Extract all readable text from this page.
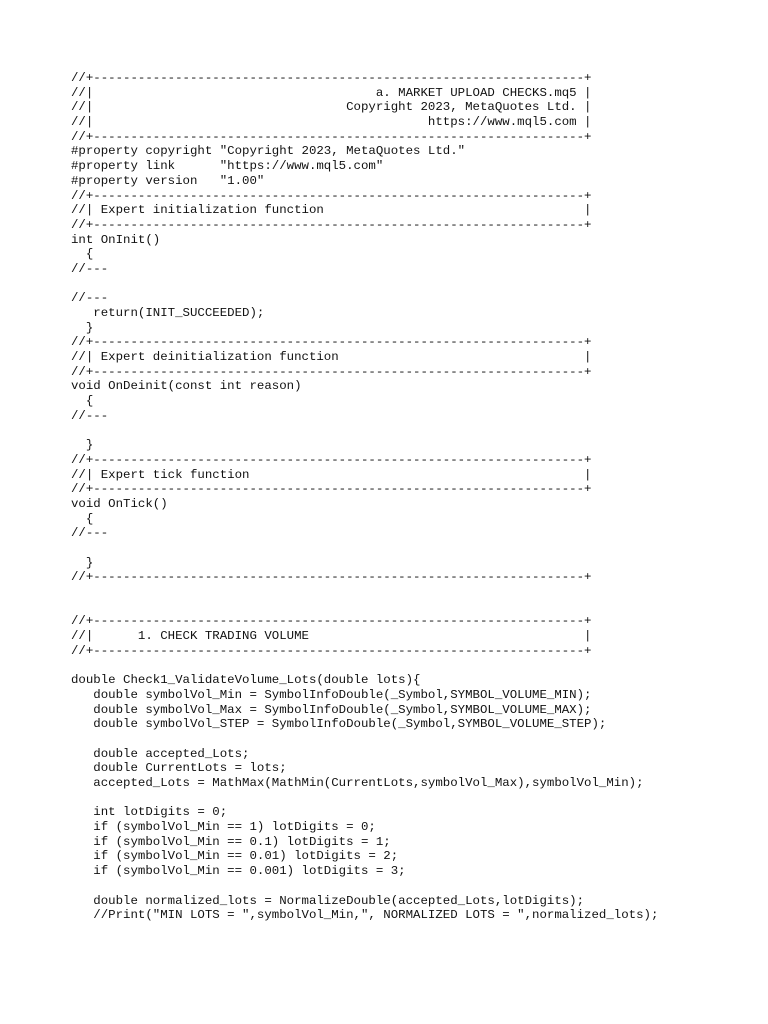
//+------------------------------------------------------------------+
//|                                      a. MARKET UPLOAD CHECKS.mq5 |
//|                                  Copyright 2023, MetaQuotes Ltd. |
//|                                             https://www.mql5.com |
//+------------------------------------------------------------------+
#property copyright "Copyright 2023, MetaQuotes Ltd."
#property link      "https://www.mql5.com"
#property version   "1.00"
//+------------------------------------------------------------------+
//| Expert initialization function                                   |
//+------------------------------------------------------------------+
int OnInit()
{
//---
//---
return(INIT_SUCCEEDED);
}
//+------------------------------------------------------------------+
//| Expert deinitialization function                                 |
//+------------------------------------------------------------------+
void OnDeinit(const int reason)
{
//---
}
//+------------------------------------------------------------------+
//| Expert tick function                                             |
//+------------------------------------------------------------------+
void OnTick()
{
//---
}
//+------------------------------------------------------------------+
//+------------------------------------------------------------------+
//|      1. CHECK TRADING VOLUME                                     |
//+------------------------------------------------------------------+
double Check1_ValidateVolume_Lots(double lots){
double symbolVol_Min = SymbolInfoDouble(_Symbol,SYMBOL_VOLUME_MIN);
double symbolVol_Max = SymbolInfoDouble(_Symbol,SYMBOL_VOLUME_MAX);
double symbolVol_STEP = SymbolInfoDouble(_Symbol,SYMBOL_VOLUME_STEP);
double accepted_Lots;
double CurrentLots = lots;
accepted_Lots = MathMax(MathMin(CurrentLots,symbolVol_Max),symbolVol_Min);
int lotDigits = 0;
if (symbolVol_Min == 1) lotDigits = 0;
if (symbolVol_Min == 0.1) lotDigits = 1;
if (symbolVol_Min == 0.01) lotDigits = 2;
if (symbolVol_Min == 0.001) lotDigits = 3;
double normalized_lots = NormalizeDouble(accepted_Lots,lotDigits);
//Print("MIN LOTS = ",symbolVol_Min,", NORMALIZED LOTS = ",normalized_lots);
